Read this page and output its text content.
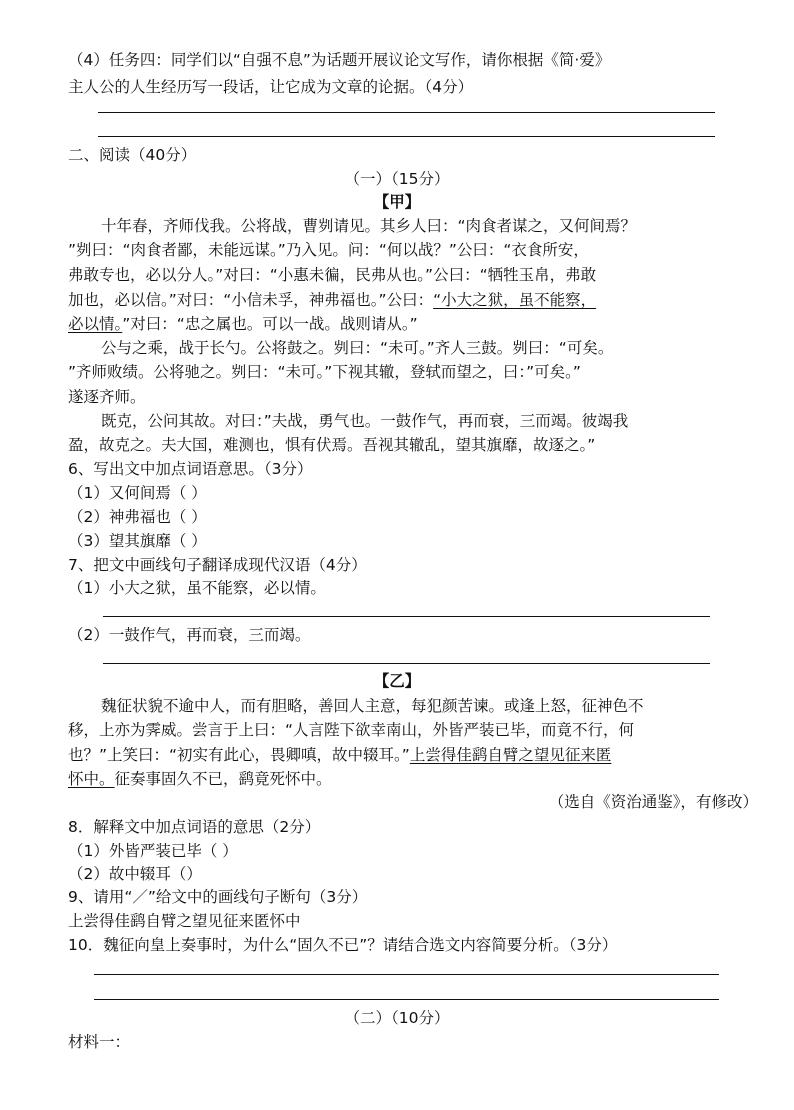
（4）任务四：同学们以“自强不息”为话题开展议论文写作，请你根据《简·爱》
主人公的人生经历写一段话，让它成为文章的论据。（4分）
二、阅读（40分）
（一）（15分）
【甲】
十年春，齐师伐我。公将战，曹刿请见。其乡人曰：“肉食者谋之，又何间焉？
”刿曰：“肉食者鄙，未能远谋。”乃入见。问：“何以战？”公曰：“衣食所安，
弗敢专也，必以分人。”对曰：“小惠未徧，民弗从也。”公曰：“牺牲玉帛，弗敢
加也，必以信。”对曰：“小信未孚，神弗福也。”公曰：“小大之狱，虽不能察，
必以情。”对曰：“忠之属也。可以一战。战则请从。”
公与之乘，战于长勺。公将鼓之。刿曰：“未可。”齐人三鼓。刿曰：“可矣。
”齐师败绩。公将驰之。刿曰：“未可。”下视其辙，登轼而望之，曰：”可矣。”
遂逐齐师。
既克，公问其故。对曰：”夫战，勇气也。一鼓作气，再而衰，三而竭。彼竭我
盈，故克之。夫大国，难测也，惧有伏焉。吾视其辙乱，望其旗靡，故逐之。”
6、写出文中加点词语意思。（3分）
（1）又何间焉（ ）
（2）神弗福也（ ）
（3）望其旗靡（ ）
7、把文中画线句子翻译成现代汉语（4分）
（1）小大之狱，虽不能察，必以情。
（2）一鼓作气，再而衰，三而竭。
【乙】
魏征状貌不逾中人，而有胆略，善回人主意，每犯颜苦谏。或逢上怒，征神色不
移，上亦为霁威。尝言于上曰：“人言陛下欲幸南山，外皆严装已毕，而竟不行，何
也？”上笑曰：“初实有此心，畏卿嗔，故中辍耳。”上尝得佳鹞自臂之望见征来匿
怀中。征奏事固久不已，鹞竟死怀中。
（选自《资治通鉴》，有修改）
8．解释文中加点词语的意思（2分）
（1）外皆严装已毕（ ）
（2）故中辍耳（）
9、请用“／”给文中的画线句子断句（3分）
上尝得佳鹞自臂之望见征来匿怀中
10．魏征向皇上奏事时，为什么“固久不已”？请结合选文内容简要分析。（3分）
（二）（10分）
材料一：
